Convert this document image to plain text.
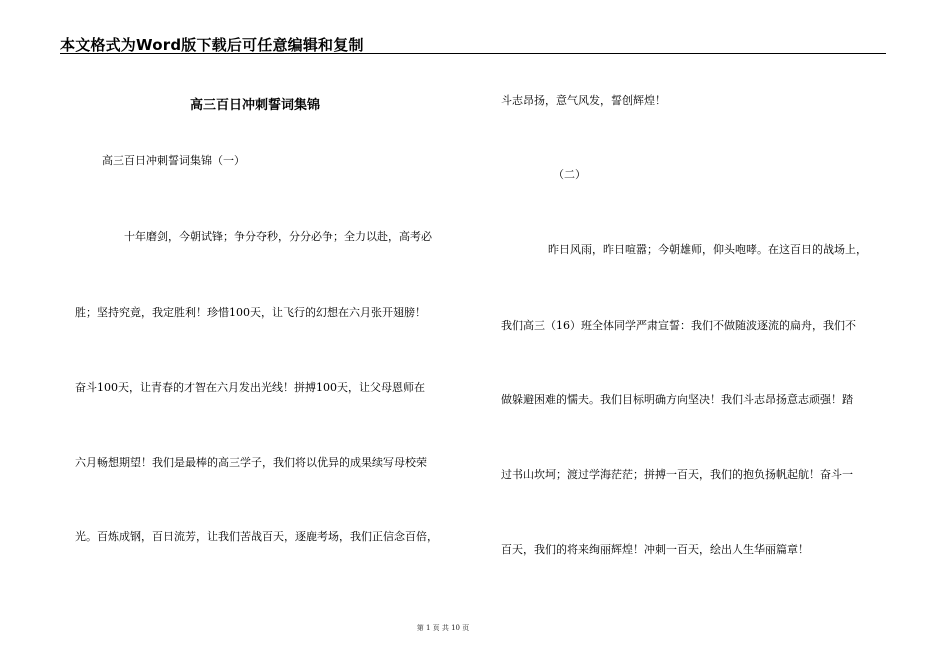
本文格式为Word版下载后可任意编辑和复制
高三百日冲刺誓词集锦
高三百日冲刺誓词集锦（一）
十年磨剑，今朝试锋；争分夺秒，分分必争；全力以赴，高考必
胜；坚持究竟，我定胜利！珍惜100天，让飞行的幻想在六月张开翅膀！
奋斗100天，让青春的才智在六月发出光线！拼搏100天，让父母恩师在
六月畅想期望！我们是最棒的高三学子，我们将以优异的成果续写母校荣
光。百炼成钢，百日流芳，让我们苦战百天，逐鹿考场，我们正信念百倍，
斗志昂扬，意气风发，誓创辉煌！
（二）
昨日风雨，昨日喧嚣；今朝雄师，仰头咆哮。在这百日的战场上，
我们高三（16）班全体同学严肃宣誓：我们不做随波逐流的扁舟，我们不
做躲避困难的懦夫。我们目标明确方向坚决！我们斗志昂扬意志顽强！踏
过书山坎坷；渡过学海茫茫；拼搏一百天，我们的抱负扬帆起航！奋斗一
百天，我们的将来绚丽辉煌！冲刺一百天，绘出人生华丽篇章！
第 1 页 共 10 页
